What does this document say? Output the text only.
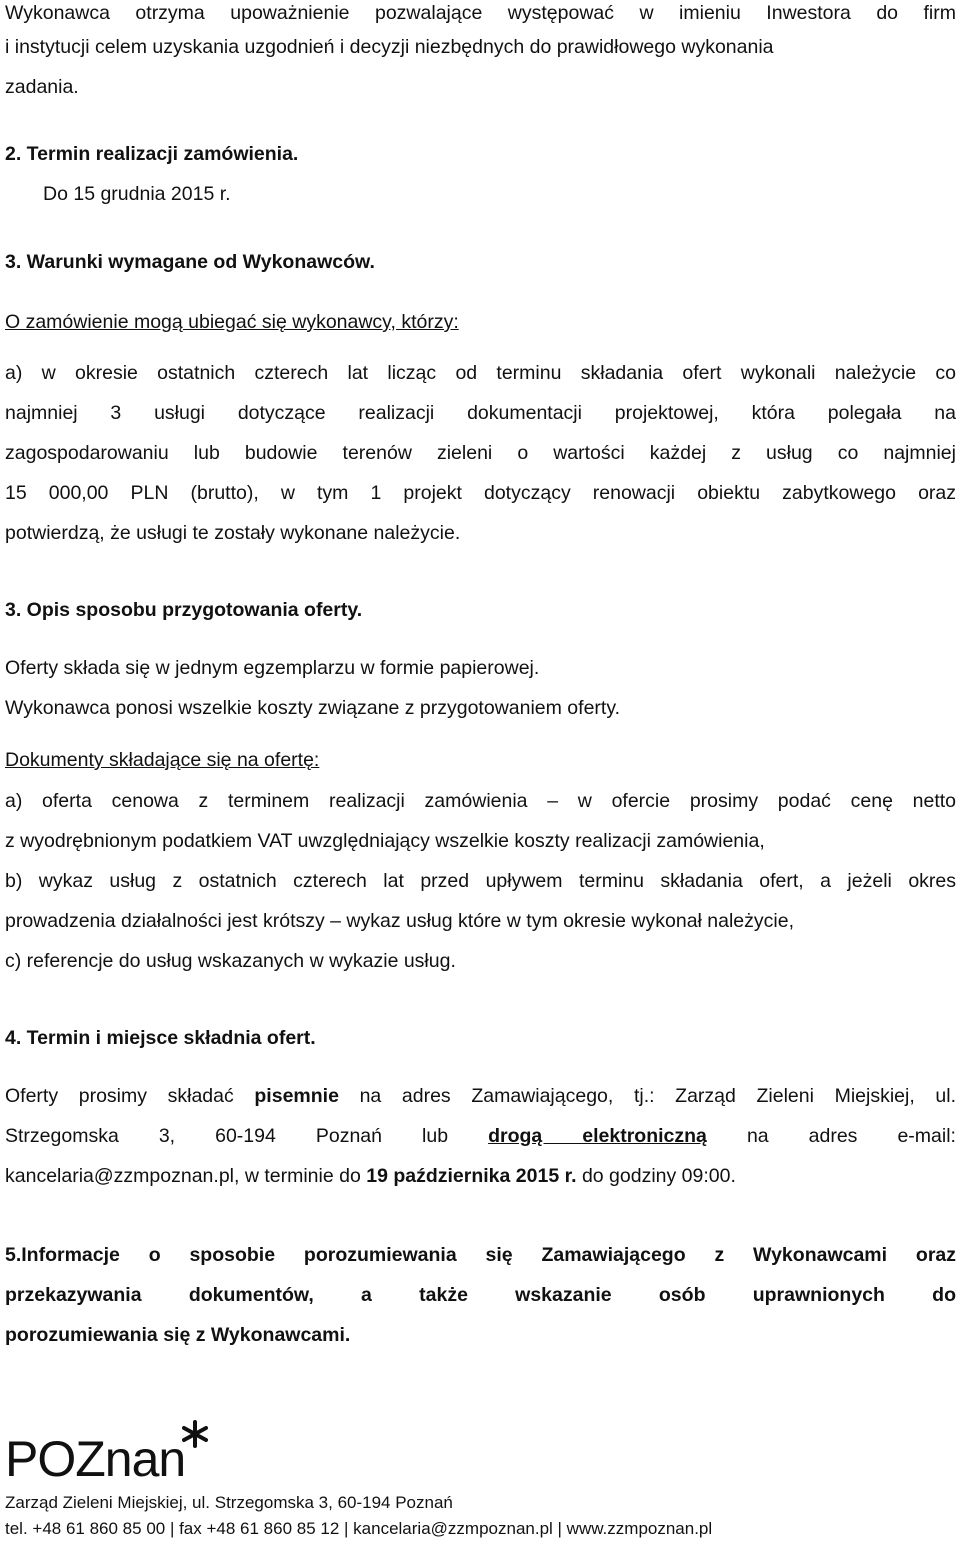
Wykonawca otrzyma upoważnienie pozwalające występować w imieniu Inwestora do firm
i instytucji celem uzyskania uzgodnień i decyzji niezbędnych do prawidłowego wykonania
zadania.
2. Termin realizacji zamówienia.
Do 15 grudnia 2015 r.
3. Warunki wymagane od Wykonawców.
O zamówienie mogą ubiegać się wykonawcy, którzy:
a) w okresie ostatnich czterech lat licząc od terminu składania ofert wykonali należycie co
najmniej 3 usługi dotyczące realizacji dokumentacji projektowej, która polegała na
zagospodarowaniu lub budowie terenów zieleni o wartości każdej z usług co najmniej
15 000,00 PLN (brutto), w tym 1 projekt dotyczący renowacji obiektu zabytkowego oraz
potwierdzą, że usługi te zostały wykonane należycie.
3. Opis sposobu przygotowania oferty.
Oferty składa się w jednym egzemplarzu w formie papierowej.
Wykonawca ponosi wszelkie koszty związane z przygotowaniem oferty.
Dokumenty składające się na ofertę:
a) oferta cenowa z terminem realizacji zamówienia – w ofercie prosimy podać cenę netto
z wyodrębnionym podatkiem VAT uwzględniający wszelkie koszty realizacji zamówienia,
b) wykaz usług z ostatnich czterech lat przed upływem terminu składania ofert, a jeżeli okres
prowadzenia działalności jest krótszy – wykaz usług które w tym okresie wykonał należycie,
c) referencje do usług wskazanych w wykazie usług.
4. Termin i miejsce składnia ofert.
Oferty prosimy składać pisemnie na adres Zamawiającego, tj.: Zarząd Zieleni Miejskiej, ul.
Strzegomska 3, 60-194 Poznań lub drogą elektroniczną na adres e-mail:
kancelaria@zzmpoznan.pl, w terminie do 19 października 2015 r. do godziny 09:00.
5.Informacje o sposobie porozumiewania się Zamawiającego z Wykonawcami oraz
przekazywania dokumentów, a także wskazanie osób uprawnionych do
porozumiewania się z Wykonawcami.
POZnan
Zarząd Zieleni Miejskiej, ul. Strzegomska 3, 60-194 Poznań
tel. +48 61 860 85 00 | fax +48 61 860 85 12 | kancelaria@zzmpoznan.pl | www.zzmpoznan.pl
